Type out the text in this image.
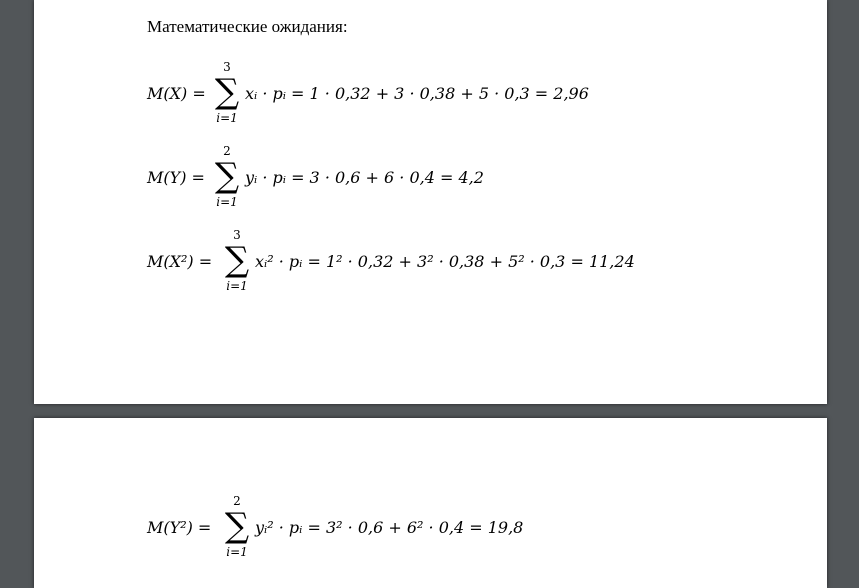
Математические ожидания:
M(X) =
3
∑
i=1
xᵢ · pᵢ = 1 · 0,32 + 3 · 0,38 + 5 · 0,3 = 2,96
M(Y) =
2
∑
i=1
yᵢ · pᵢ = 3 · 0,6 + 6 · 0,4 = 4,2
M(X²) =
3
∑
i=1
xᵢ² · pᵢ = 1² · 0,32 + 3² · 0,38 + 5² · 0,3 = 11,24
M(Y²) =
2
∑
i=1
yᵢ² · pᵢ = 3² · 0,6 + 6² · 0,4 = 19,8
